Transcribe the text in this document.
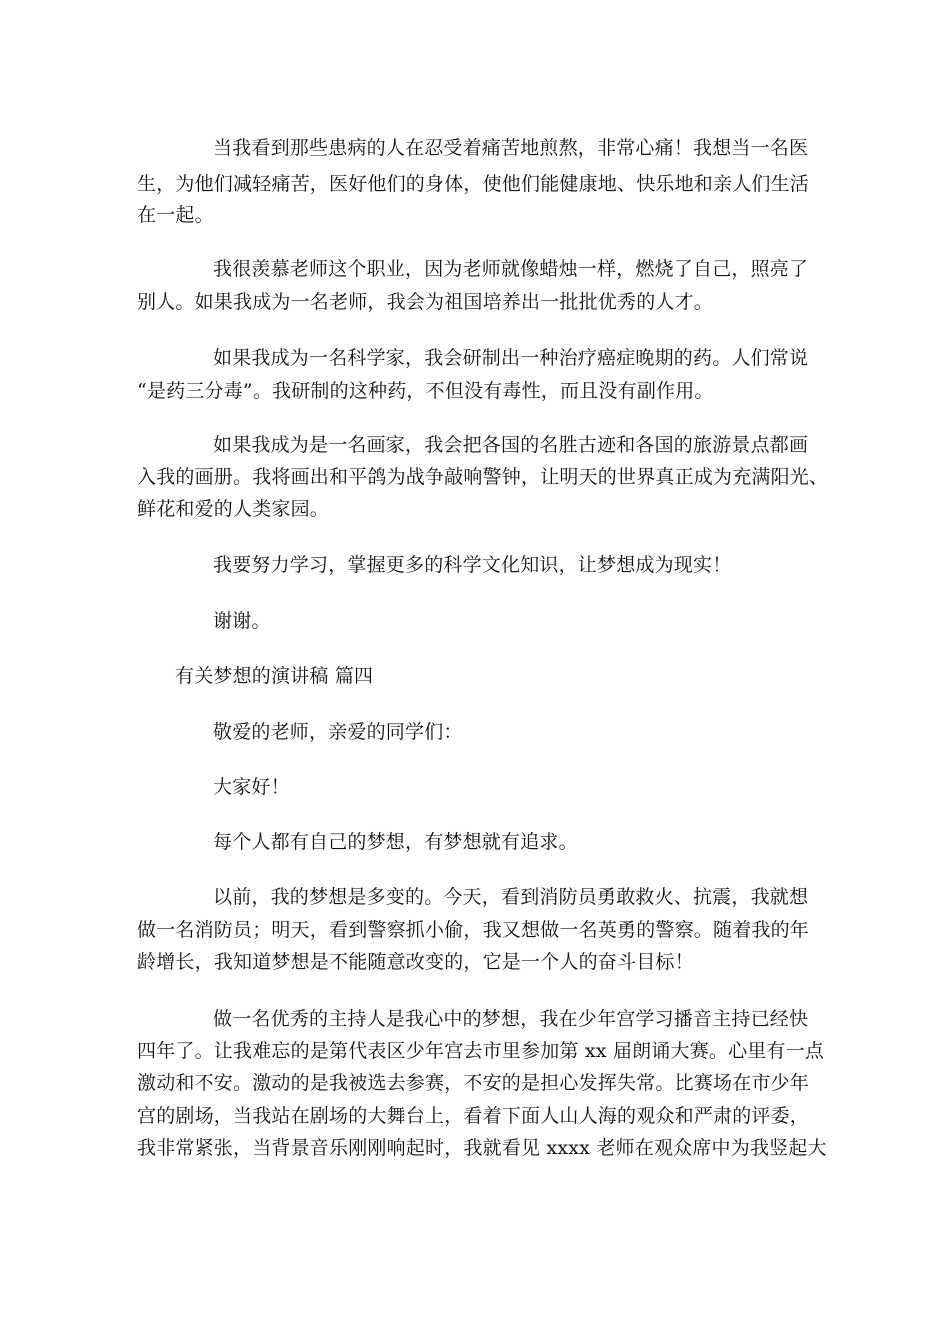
当我看到那些患病的人在忍受着痛苦地煎熬，非常心痛！我想当一名医
生，为他们减轻痛苦，医好他们的身体，使他们能健康地、快乐地和亲人们生活
在一起。
我很羡慕老师这个职业，因为老师就像蜡烛一样，燃烧了自己，照亮了
别人。如果我成为一名老师，我会为祖国培养出一批批优秀的人才。
如果我成为一名科学家，我会研制出一种治疗癌症晚期的药。人们常说
“是药三分毒”。我研制的这种药，不但没有毒性，而且没有副作用。
如果我成为是一名画家，我会把各国的名胜古迹和各国的旅游景点都画
入我的画册。我将画出和平鸽为战争敲响警钟，让明天的世界真正成为充满阳光、
鲜花和爱的人类家园。
我要努力学习，掌握更多的科学文化知识，让梦想成为现实！
谢谢。
有关梦想的演讲稿 篇四
敬爱的老师，亲爱的同学们：
大家好！
每个人都有自己的梦想，有梦想就有追求。
以前，我的梦想是多变的。今天，看到消防员勇敢救火、抗震，我就想
做一名消防员；明天，看到警察抓小偷，我又想做一名英勇的警察。随着我的年
龄增长，我知道梦想是不能随意改变的，它是一个人的奋斗目标！
做一名优秀的主持人是我心中的梦想，我在少年宫学习播音主持已经快
四年了。让我难忘的是第代表区少年宫去市里参加第 xx 届朗诵大赛。心里有一点
激动和不安。激动的是我被选去参赛，不安的是担心发挥失常。比赛场在市少年
宫的剧场，当我站在剧场的大舞台上，看着下面人山人海的观众和严肃的评委，
我非常紧张，当背景音乐刚刚响起时，我就看见 xxxx 老师在观众席中为我竖起大
